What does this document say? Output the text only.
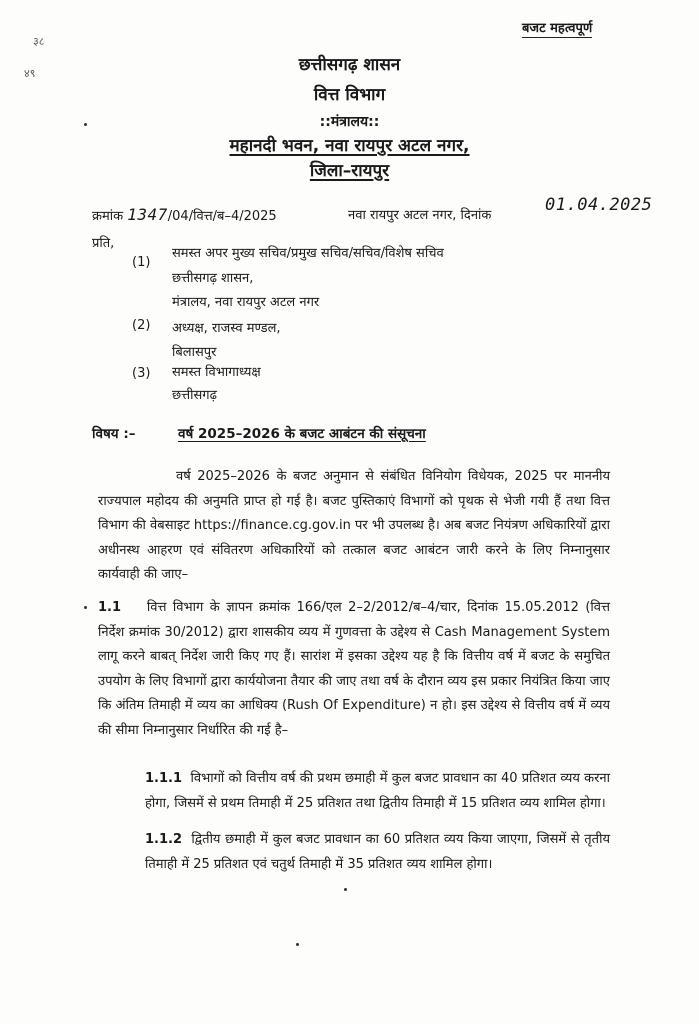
बजट महत्वपूर्ण
३८
४९	छत्तीसगढ़ शासन
वित्त विभाग
::मंत्रालय::
महानदी भवन, नवा रायपुर अटल नगर,
जिला–रायपुर
क्रमांक 1347/04/वित्त/ब–4/2025	नवा रायपुर अटल नगर, दिनांक
01.04.2025
प्रति,
(1)
समस्त अपर मुख्य सचिव/प्रमुख सचिव/सचिव/विशेष सचिव
छत्तीसगढ़ शासन,
मंत्रालय, नवा रायपुर अटल नगर
(2) अध्यक्ष, राजस्व मण्डल,
बिलासपुर
(3) समस्त विभागाध्यक्ष
छत्तीसगढ़
विषय :–	वर्ष 2025–2026 के बजट आबंटन की संसूचना
वर्ष 2025–2026 के बजट अनुमान से संबंधित विनियोग विधेयक, 2025 पर माननीय राज्यपाल महोदय की अनुमति प्राप्त हो गई है। बजट पुस्तिकाएं विभागों को पृथक से भेजी गयी हैं तथा वित्त विभाग की वेबसाइट https://finance.cg.gov.in पर भी उपलब्ध है। अब बजट नियंत्रण अधिकारियों द्वारा अधीनस्थ आहरण एवं संवितरण अधिकारियों को तत्काल बजट आबंटन जारी करने के लिए निम्नानुसार कार्यवाही की जाए–
1.1 वित्त विभाग के ज्ञापन क्रमांक 166/एल 2–2/2012/ब–4/चार, दिनांक 15.05.2012 (वित्त निर्देश क्रमांक 30/2012) द्वारा शासकीय व्यय में गुणवत्ता के उद्देश्य से Cash Management System लागू करने बाबत् निर्देश जारी किए गए हैं। सारांश में इसका उद्देश्य यह है कि वित्तीय वर्ष में बजट के समुचित उपयोग के लिए विभागों द्वारा कार्ययोजना तैयार की जाए तथा वर्ष के दौरान व्यय इस प्रकार नियंत्रित किया जाए कि अंतिम तिमाही में व्यय का आधिक्य (Rush Of Expenditure) न हो। इस उद्देश्य से वित्तीय वर्ष में व्यय की सीमा निम्नानुसार निर्धारित की गई है–
1.1.1 विभागों को वित्तीय वर्ष की प्रथम छमाही में कुल बजट प्रावधान का 40 प्रतिशत व्यय करना होगा, जिसमें से प्रथम तिमाही में 25 प्रतिशत तथा द्वितीय तिमाही में 15 प्रतिशत व्यय शामिल होगा।
1.1.2 द्वितीय छमाही में कुल बजट प्रावधान का 60 प्रतिशत व्यय किया जाएगा, जिसमें से तृतीय तिमाही में 25 प्रतिशत एवं चतुर्थ तिमाही में 35 प्रतिशत व्यय शामिल होगा।
